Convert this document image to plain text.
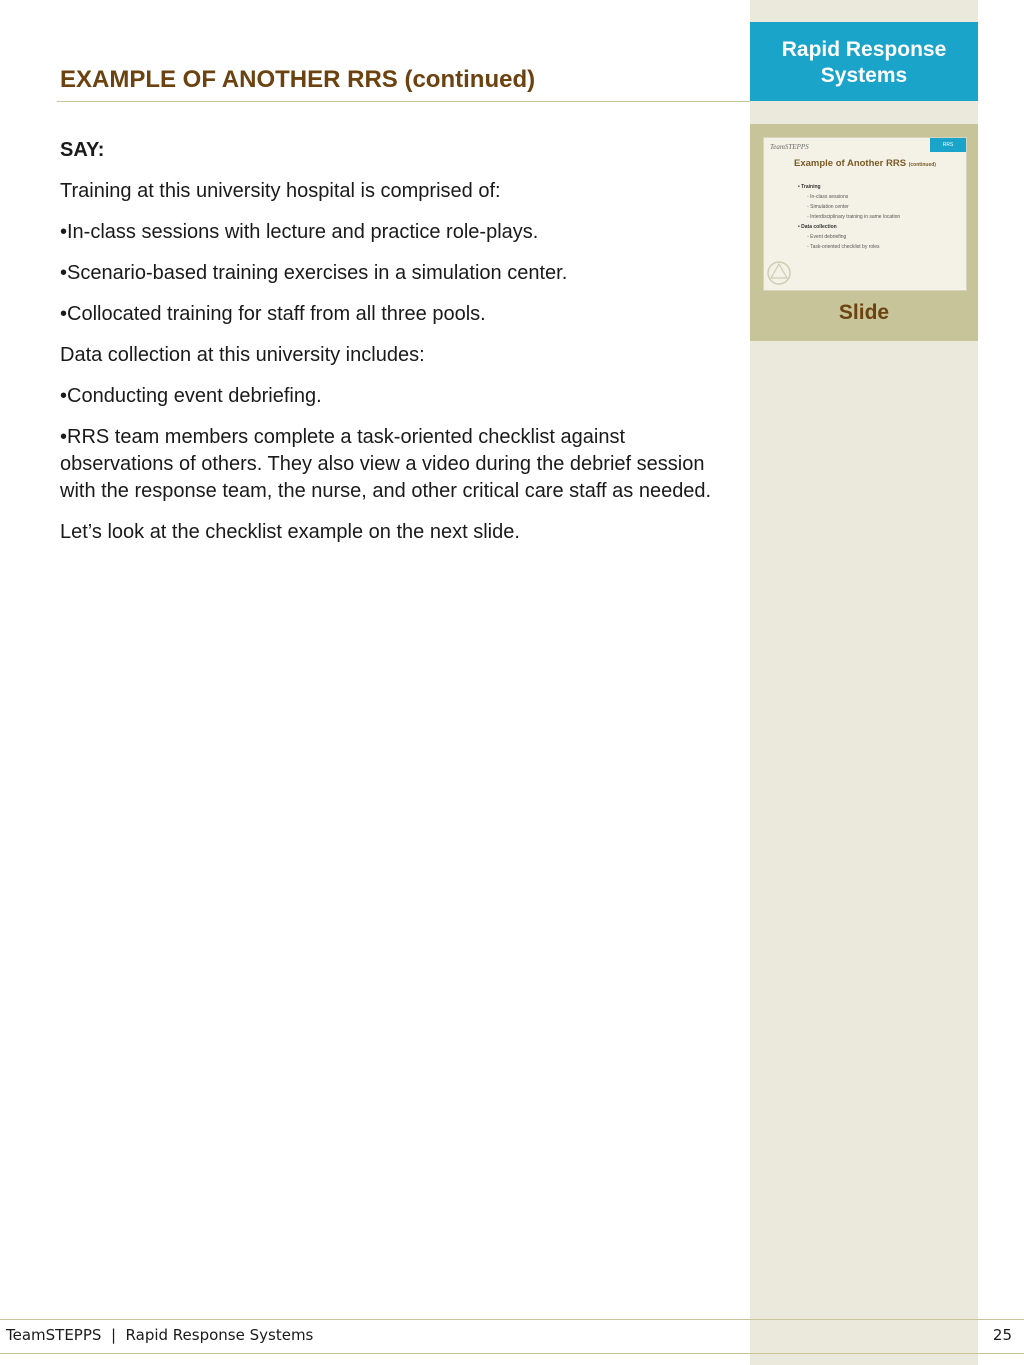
Rapid Response Systems
TeamSTEPPS	RRS
Example of Another RRS (continued)
• Training
◦ In-class sessions
◦ Simulation center
◦ Interdisciplinary training in same location
• Data collection
◦ Event debriefing
◦ Task-oriented checklist by roles
Slide
EXAMPLE OF ANOTHER RRS (continued)

SAY:

Training at this university hospital is comprised of:

•In-class sessions with lecture and practice role-plays.

•Scenario-based training exercises in a simulation center.

•Collocated training for staff from all three pools.

Data collection at this university includes:

•Conducting event debriefing.

•RRS team members complete a task-oriented checklist against observations of others. They also view a video during the debrief session with the response team, the nurse, and other critical care staff as needed.

Let’s look at the checklist example on the next slide.

TeamSTEPPS  |  Rapid Response Systems	25
